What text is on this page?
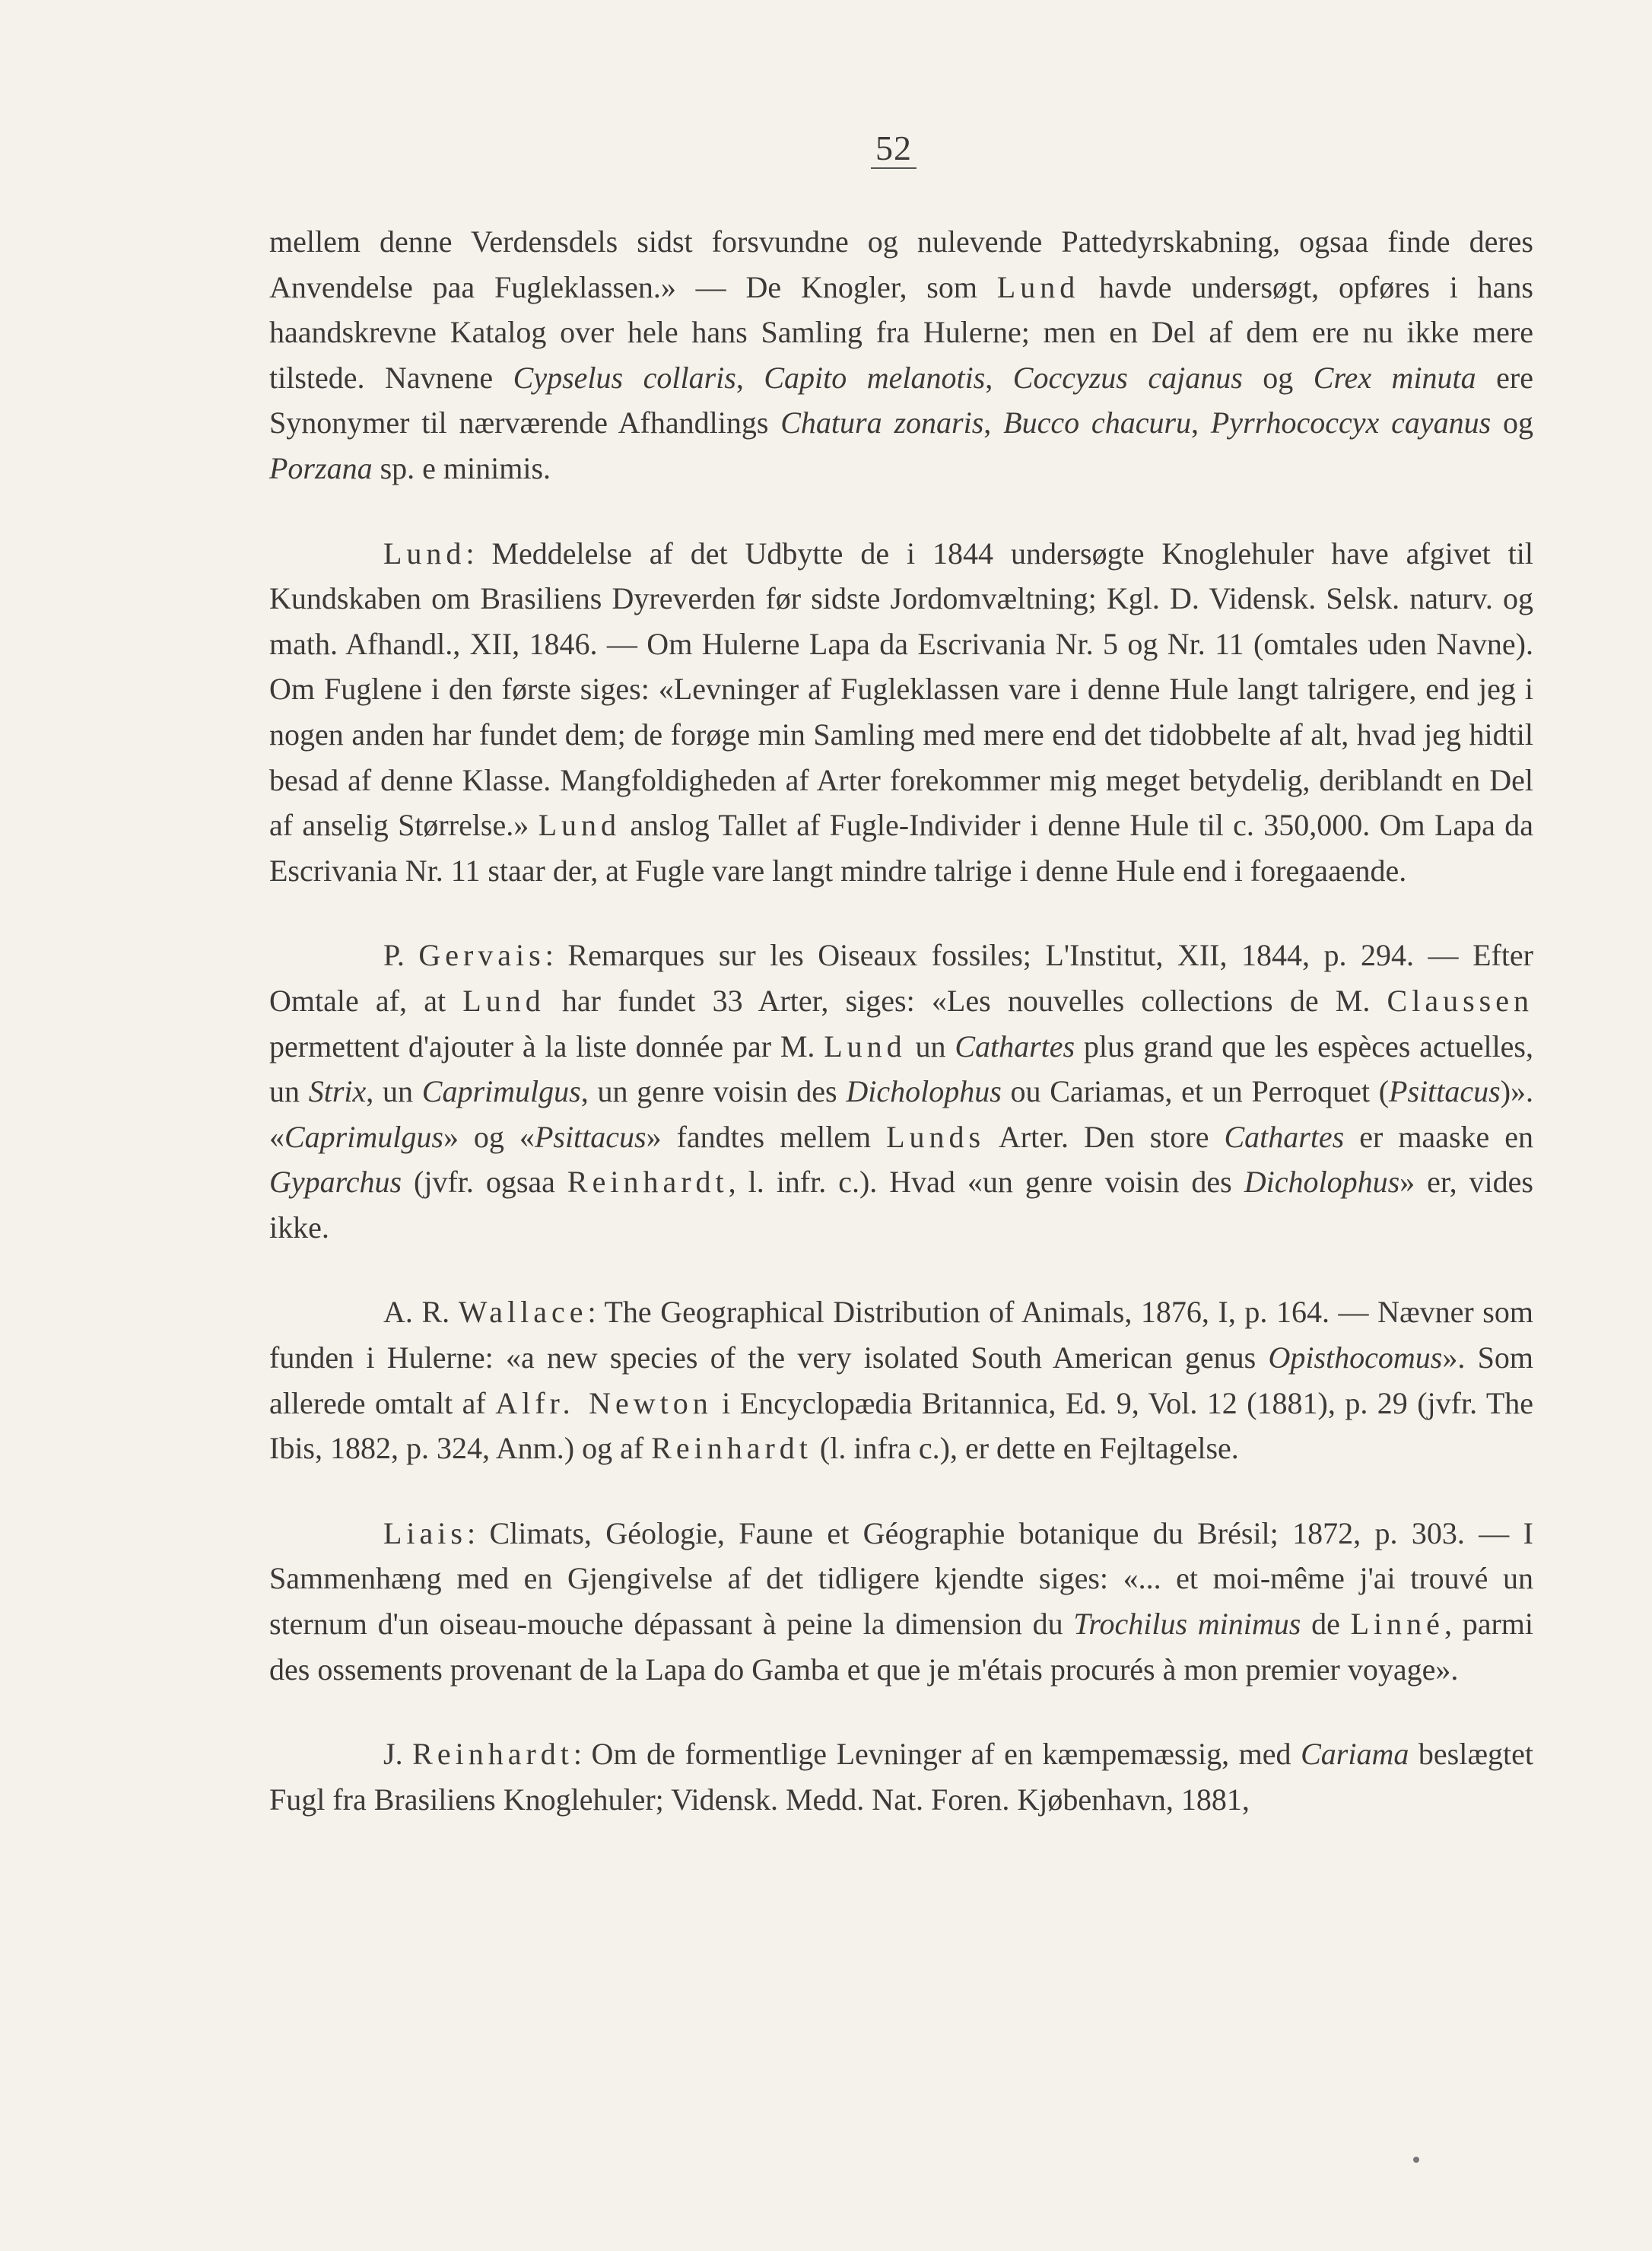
52

mellem denne Verdensdels sidst forsvundne og nulevende Pattedyrskabning, ogsaa finde deres Anvendelse paa Fugleklassen.» — De Knogler, som Lund havde undersøgt, opføres i hans haandskrevne Katalog over hele hans Samling fra Hulerne; men en Del af dem ere nu ikke mere tilstede. Navnene Cypselus collaris, Capito melanotis, Coccyzus cajanus og Crex minuta ere Synonymer til nærværende Afhandlings Chatura zonaris, Bucco chacuru, Pyrrhococcyx cayanus og Porzana sp. e minimis.

Lund: Meddelelse af det Udbytte de i 1844 undersøgte Knoglehuler have afgivet til Kundskaben om Brasiliens Dyreverden før sidste Jordomvæltning; Kgl. D. Vidensk. Selsk. naturv. og math. Afhandl., XII, 1846. — Om Hulerne Lapa da Escrivania Nr. 5 og Nr. 11 (omtales uden Navne). Om Fuglene i den første siges: «Levninger af Fugleklassen vare i denne Hule langt talrigere, end jeg i nogen anden har fundet dem; de forøge min Samling med mere end det tidobbelte af alt, hvad jeg hidtil besad af denne Klasse. Mangfoldigheden af Arter forekommer mig meget betydelig, deriblandt en Del af anselig Størrelse.» Lund anslog Tallet af Fugle-Individer i denne Hule til c. 350,000. Om Lapa da Escrivania Nr. 11 staar der, at Fugle vare langt mindre talrige i denne Hule end i foregaaende.

P. Gervais: Remarques sur les Oiseaux fossiles; L'Institut, XII, 1844, p. 294. — Efter Omtale af, at Lund har fundet 33 Arter, siges: «Les nouvelles collections de M. Claussen permettent d'ajouter à la liste donnée par M. Lund un Cathartes plus grand que les espèces actuelles, un Strix, un Caprimulgus, un genre voisin des Dicholophus ou Cariamas, et un Perroquet (Psittacus)». «Caprimulgus» og «Psittacus» fandtes mellem Lunds Arter. Den store Cathartes er maaske en Gyparchus (jvfr. ogsaa Reinhardt, l. infr. c.). Hvad «un genre voisin des Dicholophus» er, vides ikke.

A. R. Wallace: The Geographical Distribution of Animals, 1876, I, p. 164. — Nævner som funden i Hulerne: «a new species of the very isolated South American genus Opisthocomus». Som allerede omtalt af Alfr. Newton i Encyclopædia Britannica, Ed. 9, Vol. 12 (1881), p. 29 (jvfr. The Ibis, 1882, p. 324, Anm.) og af Reinhardt (l. infra c.), er dette en Fejltagelse.

Liais: Climats, Géologie, Faune et Géographie botanique du Brésil; 1872, p. 303. — I Sammenhæng med en Gjengivelse af det tidligere kjendte siges: «... et moi-même j'ai trouvé un sternum d'un oiseau-mouche dépassant à peine la dimension du Trochilus minimus de Linné, parmi des ossements provenant de la Lapa do Gamba et que je m'étais procurés à mon premier voyage».

J. Reinhardt: Om de formentlige Levninger af en kæmpemæssig, med Cariama beslægtet Fugl fra Brasiliens Knoglehuler; Vidensk. Medd. Nat. Foren. Kjøbenhavn, 1881,
